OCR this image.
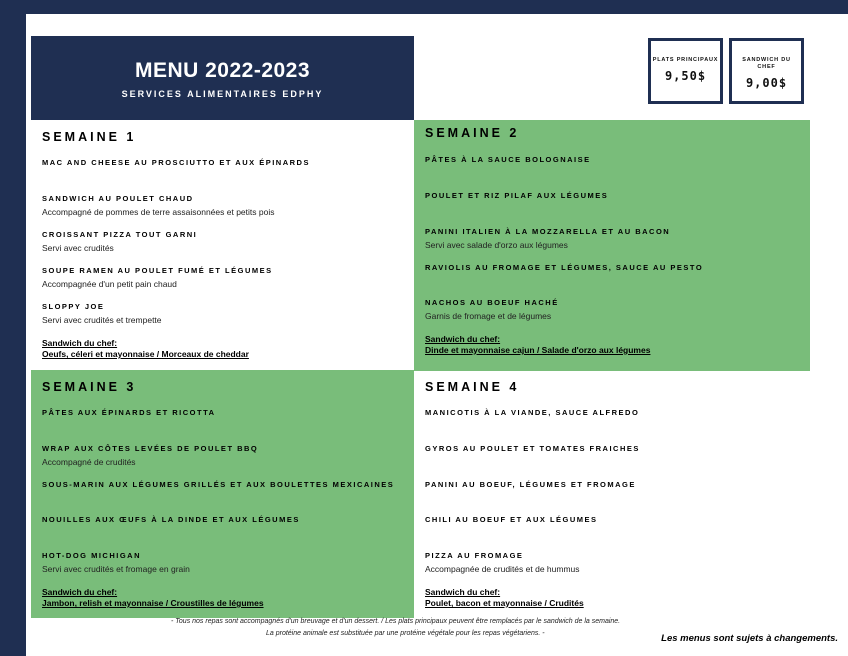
MENU 2022-2023
SERVICES ALIMENTAIRES EDPHY
PLATS PRINCIPAUX
9,50$
SANDWICH DU CHEF
9,00$
SEMAINE 1
MAC AND CHEESE AU PROSCIUTTO ET AUX ÉPINARDS
SANDWICH AU POULET CHAUD
Accompagné de pommes de terre assaisonnées et petits pois
CROISSANT PIZZA TOUT GARNI
Servi avec crudités
SOUPE RAMEN AU POULET FUMÉ ET LÉGUMES
Accompagnée d'un petit pain chaud
SLOPPY JOE
Servi avec crudités et trempette
Sandwich du chef:
Oeufs, céleri et mayonnaise / Morceaux de cheddar
SEMAINE 2
PÂTES À LA SAUCE BOLOGNAISE
POULET ET RIZ PILAF AUX LÉGUMES
PANINI ITALIEN À LA MOZZARELLA ET AU BACON
Servi avec salade d'orzo aux légumes
RAVIOLIS AU FROMAGE ET LÉGUMES, SAUCE AU PESTO
NACHOS AU BOEUF HACHÉ
Garnis de fromage et de légumes
Sandwich du chef:
Dinde et mayonnaise cajun / Salade d'orzo aux légumes
SEMAINE 3
PÂTES AUX ÉPINARDS ET RICOTTA
WRAP AUX CÔTES LEVÉES DE POULET BBQ
Accompagné de crudités
SOUS-MARIN AUX LÉGUMES GRILLÉS ET AUX BOULETTES MEXICAINES
NOUILLES AUX ŒUFS À LA DINDE ET AUX LÉGUMES
HOT-DOG MICHIGAN
Servi avec crudités et fromage en grain
Sandwich du chef:
Jambon, relish et mayonnaise / Croustilles de légumes
SEMAINE 4
MANICOTIS À LA VIANDE, SAUCE ALFREDO
GYROS AU POULET ET TOMATES FRAICHES
PANINI AU BOEUF, LÉGUMES ET FROMAGE
CHILI AU BOEUF ET AUX LÉGUMES
PIZZA AU FROMAGE
Accompagnée de crudités et de hummus
Sandwich du chef:
Poulet, bacon et mayonnaise / Crudités
- Tous nos repas sont accompagnés d'un breuvage et d'un dessert. / Les plats principaux peuvent être remplacés par le sandwich de la semaine.
La protéine animale est substituée par une protéine végétale pour les repas végétariens. -	Les menus sont sujets à changements.
